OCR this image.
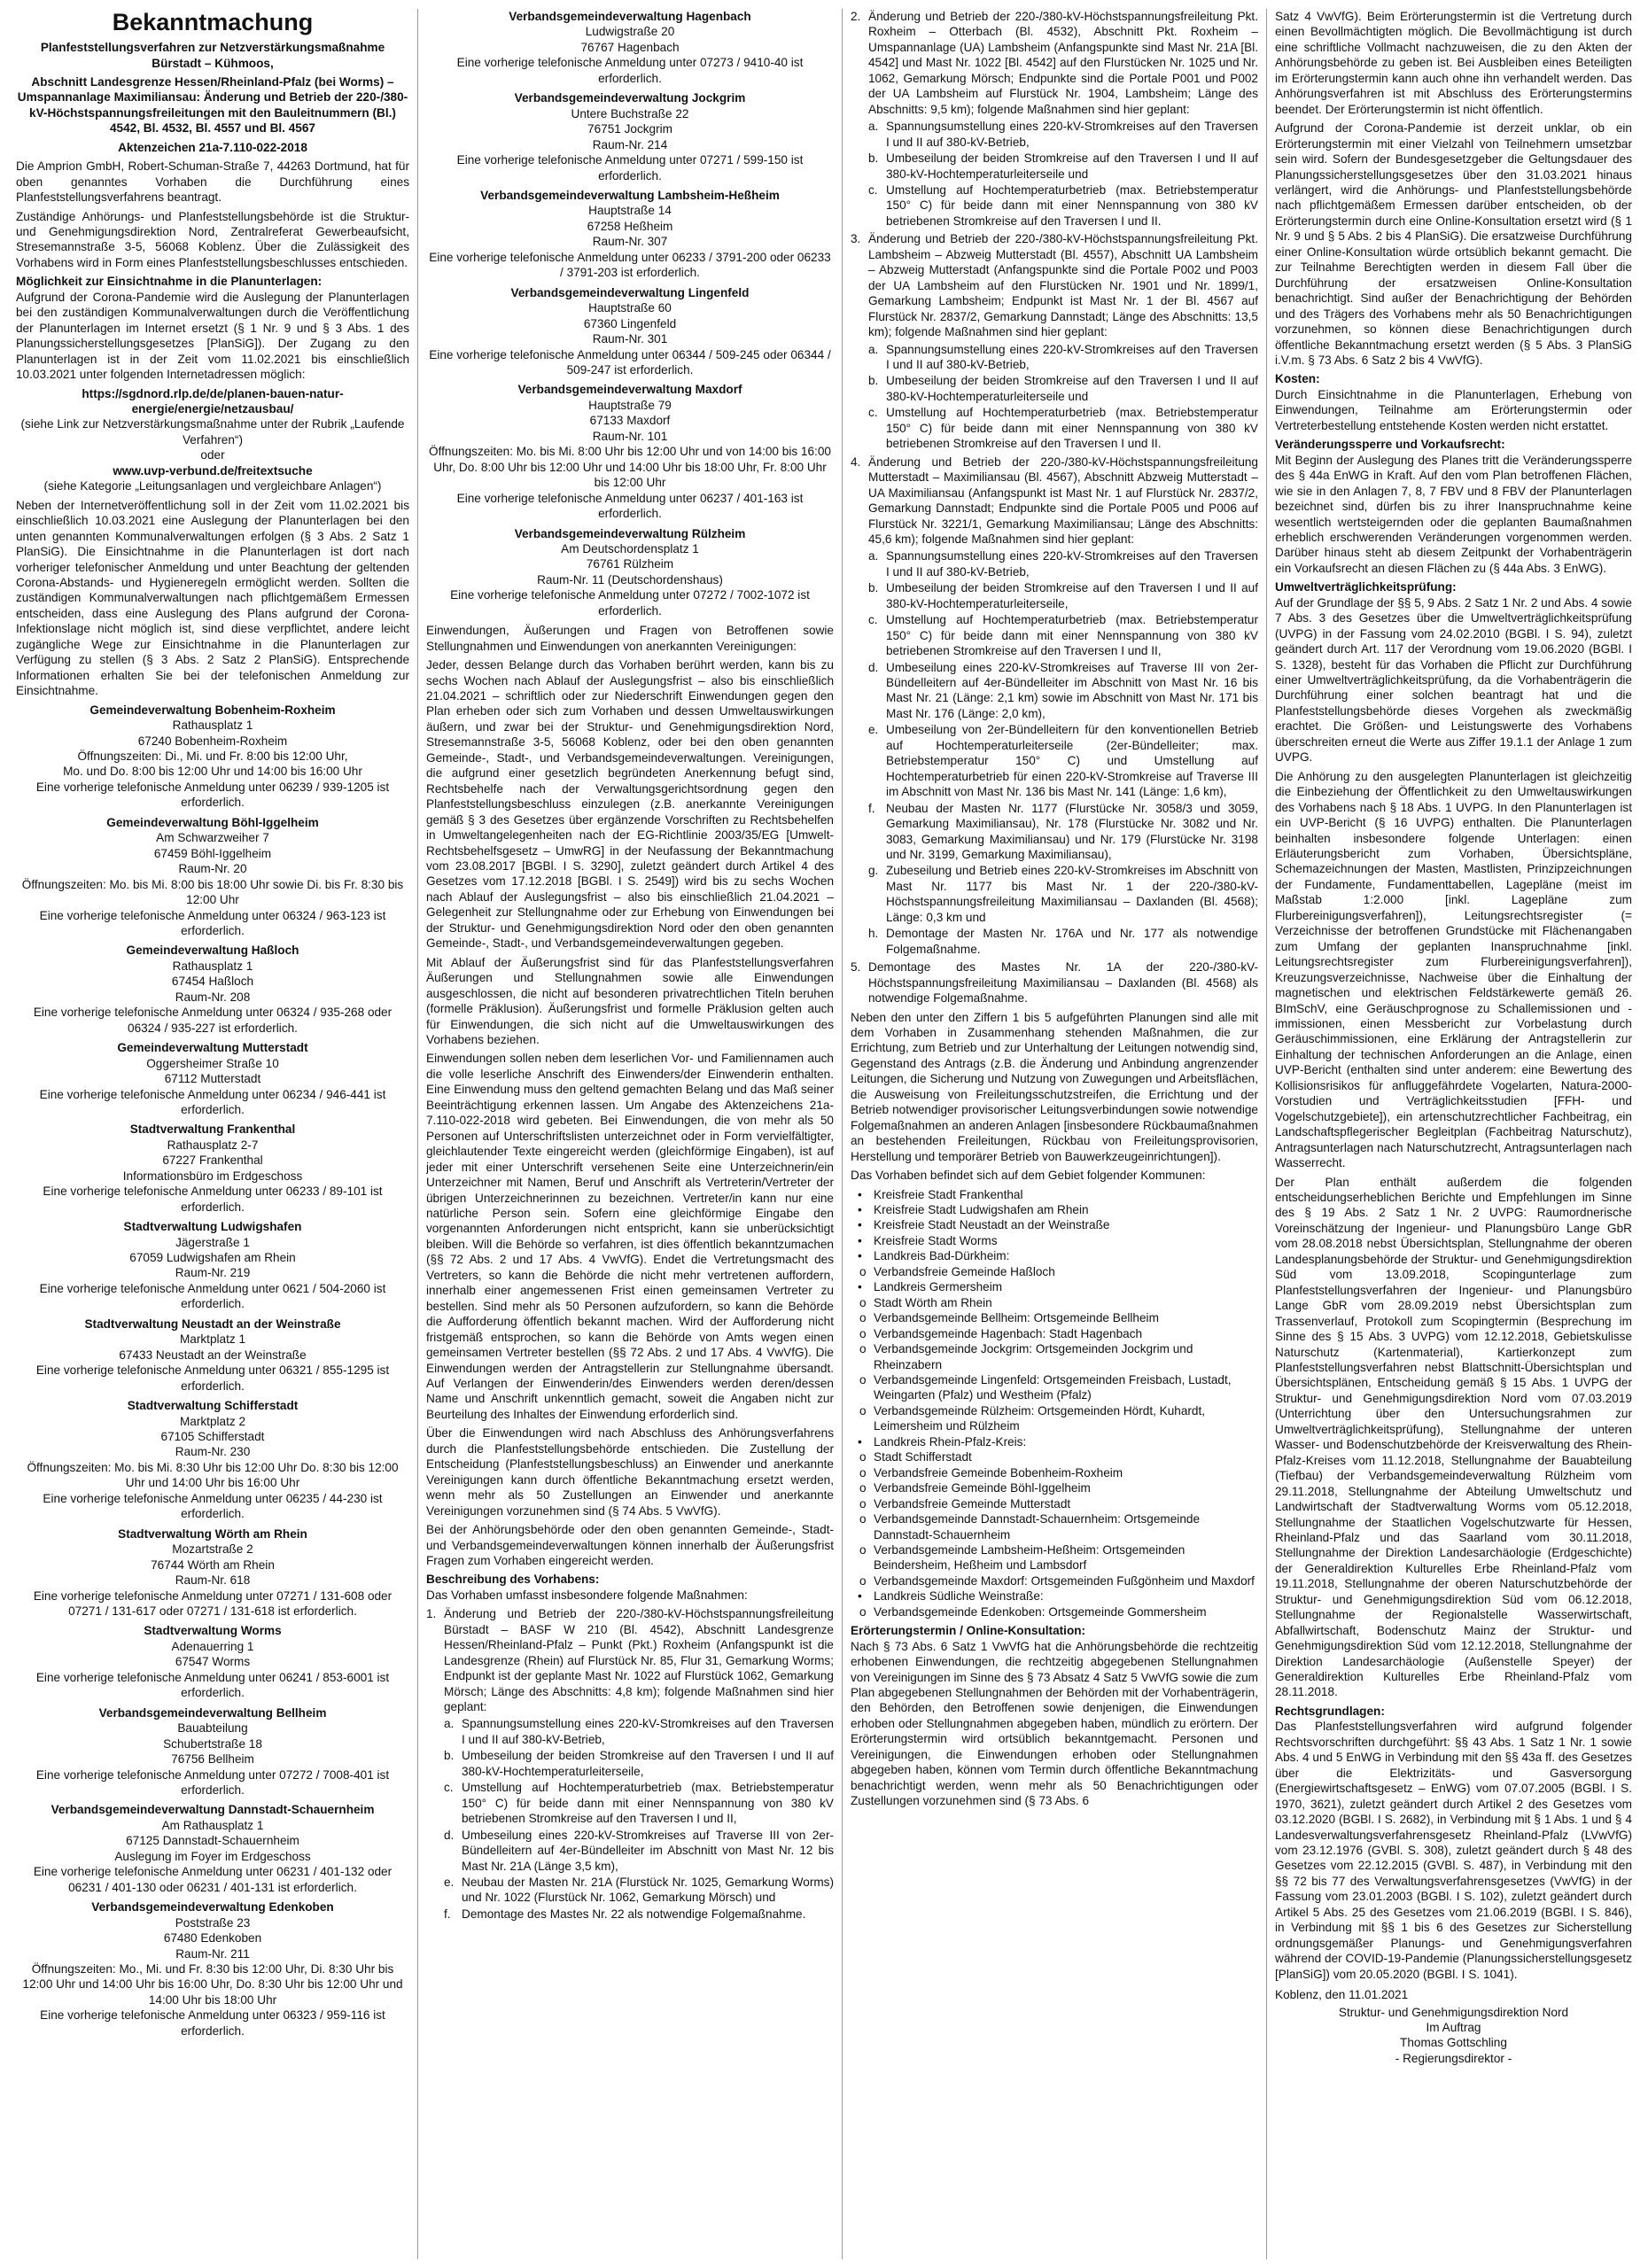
Bekanntmachung

Planfeststellungsverfahren zur Netzverstärkungsmaßnahme Bürstadt – Kühmoos,

Abschnitt Landesgrenze Hessen/Rheinland-Pfalz (bei Worms) – Umspannanlage Maximiliansau: Änderung und Betrieb der 220-/380-kV-Höchstspannungsfreileitungen mit den Bauleitnummern (Bl.) 4542, Bl. 4532, Bl. 4557 und Bl. 4567

Aktenzeichen 21a-7.110-022-2018

Die Amprion GmbH, Robert-Schuman-Straße 7, 44263 Dortmund, hat für oben genanntes Vorhaben die Durchführung eines Planfeststellungsverfahrens beantragt.

Zuständige Anhörungs- und Planfeststellungsbehörde ist die Struktur- und Genehmigungsdirektion Nord, Zentralreferat Gewerbeaufsicht, Stresemannstraße 3-5, 56068 Koblenz. Über die Zulässigkeit des Vorhabens wird in Form eines Planfeststellungsbeschlusses entschieden.

Möglichkeit zur Einsichtnahme in die Planunterlagen:

Aufgrund der Corona-Pandemie wird die Auslegung der Planunterlagen bei den zuständigen Kommunalverwaltungen durch die Veröffentlichung der Planunterlagen im Internet ersetzt (§ 1 Nr. 9 und § 3 Abs. 1 des Planungssicherstellungsgesetzes [PlanSiG]). Der Zugang zu den Planunterlagen ist in der Zeit vom 11.02.2021 bis einschließlich 10.03.2021 unter folgenden Internetadressen möglich:

https://sgdnord.rlp.de/de/planen-bauen-natur-

energie/energie/netzausbau/

(siehe Link zur Netzverstärkungsmaßnahme unter der Rubrik „Laufende Verfahren“)

oder

www.uvp-verbund.de/freitextsuche

(siehe Kategorie „Leitungsanlagen und vergleichbare Anlagen“)

Neben der Internetveröffentlichung soll in der Zeit vom 11.02.2021 bis einschließlich 10.03.2021 eine Auslegung der Planunterlagen bei den unten genannten Kommunalverwaltungen erfolgen (§ 3 Abs. 2 Satz 1 PlanSiG). Die Einsichtnahme in die Planunterlagen ist dort nach vorheriger telefonischer Anmeldung und unter Beachtung der geltenden Corona-Abstands- und Hygieneregeln ermöglicht werden. Sollten die zuständigen Kommunalverwaltungen nach pflichtgemäßem Ermessen entscheiden, dass eine Auslegung des Plans aufgrund der Corona-Infektionslage nicht möglich ist, sind diese verpflichtet, andere leicht zugängliche Wege zur Einsichtnahme in die Planunterlagen zur Verfügung zu stellen (§ 3 Abs. 2 Satz 2 PlanSiG). Entsprechende Informationen erhalten Sie bei der telefonischen Anmeldung zur Einsichtnahme.

Gemeindeverwaltung Bobenheim-Roxheim
Rathausplatz 1
67240 Bobenheim-Roxheim
Öffnungszeiten: Di., Mi. und Fr. 8:00 bis 12:00 Uhr,
Mo. und Do. 8:00 bis 12:00 Uhr und 14:00 bis 16:00 Uhr
Eine vorherige telefonische Anmeldung unter 06239 / 939-1205 ist erforderlich.
Gemeindeverwaltung Böhl-Iggelheim
Am Schwarzweiher 7
67459 Böhl-Iggelheim
Raum-Nr. 20
Öffnungszeiten: Mo. bis Mi. 8:00 bis 18:00 Uhr sowie Di. bis Fr. 8:30 bis 12:00 Uhr
Eine vorherige telefonische Anmeldung unter 06324 / 963-123 ist erforderlich.
Gemeindeverwaltung Haßloch
Rathausplatz 1
67454 Haßloch
Raum-Nr. 208
Eine vorherige telefonische Anmeldung unter 06324 / 935-268 oder 06324 / 935-227 ist erforderlich.
Gemeindeverwaltung Mutterstadt
Oggersheimer Straße 10
67112 Mutterstadt
Eine vorherige telefonische Anmeldung unter 06234 / 946-441 ist erforderlich.
Stadtverwaltung Frankenthal
Rathausplatz 2-7
67227 Frankenthal
Informationsbüro im Erdgeschoss
Eine vorherige telefonische Anmeldung unter 06233 / 89-101 ist erforderlich.
Stadtverwaltung Ludwigshafen
Jägerstraße 1
67059 Ludwigshafen am Rhein
Raum-Nr. 219
Eine vorherige telefonische Anmeldung unter 0621 / 504-2060 ist erforderlich.
Stadtverwaltung Neustadt an der Weinstraße
Marktplatz 1
67433 Neustadt an der Weinstraße
Eine vorherige telefonische Anmeldung unter 06321 / 855-1295 ist erforderlich.
Stadtverwaltung Schifferstadt
Marktplatz 2
67105 Schifferstadt
Raum-Nr. 230
Öffnungszeiten: Mo. bis Mi. 8:30 Uhr bis 12:00 Uhr Do. 8:30 bis 12:00 Uhr und 14:00 Uhr bis 16:00 Uhr
Eine vorherige telefonische Anmeldung unter 06235 / 44-230 ist erforderlich.
Stadtverwaltung Wörth am Rhein
Mozartstraße 2
76744 Wörth am Rhein
Raum-Nr. 618
Eine vorherige telefonische Anmeldung unter 07271 / 131-608 oder 07271 / 131-617 oder 07271 / 131-618 ist erforderlich.
Stadtverwaltung Worms
Adenauerring 1
67547 Worms
Eine vorherige telefonische Anmeldung unter 06241 / 853-6001 ist erforderlich.
Verbandsgemeindeverwaltung Bellheim
Bauabteilung
Schubertstraße 18
76756 Bellheim
Eine vorherige telefonische Anmeldung unter 07272 / 7008-401 ist erforderlich.
Verbandsgemeindeverwaltung Dannstadt-Schauernheim
Am Rathausplatz 1
67125 Dannstadt-Schauernheim
Auslegung im Foyer im Erdgeschoss
Eine vorherige telefonische Anmeldung unter 06231 / 401-132 oder 06231 / 401-130 oder 06231 / 401-131 ist erforderlich.
Verbandsgemeindeverwaltung Edenkoben
Poststraße 23
67480 Edenkoben
Raum-Nr. 211
Öffnungszeiten: Mo., Mi. und Fr. 8:30 bis 12:00 Uhr, Di. 8:30 Uhr bis 12:00 Uhr und 14:00 Uhr bis 16:00 Uhr, Do. 8:30 Uhr bis 12:00 Uhr und 14:00 Uhr bis 18:00 Uhr
Eine vorherige telefonische Anmeldung unter 06323 / 959-116 ist erforderlich.
Verbandsgemeindeverwaltung Hagenbach
Ludwigstraße 20
76767 Hagenbach
Eine vorherige telefonische Anmeldung unter 07273 / 9410-40 ist erforderlich.
Verbandsgemeindeverwaltung Jockgrim
Untere Buchstraße 22
76751 Jockgrim
Raum-Nr. 214
Eine vorherige telefonische Anmeldung unter 07271 / 599-150 ist erforderlich.
Verbandsgemeindeverwaltung Lambsheim-Heßheim
Hauptstraße 14
67258 Heßheim
Raum-Nr. 307
Eine vorherige telefonische Anmeldung unter 06233 / 3791-200 oder 06233 / 3791-203 ist erforderlich.
Verbandsgemeindeverwaltung Lingenfeld
Hauptstraße 60
67360 Lingenfeld
Raum-Nr. 301
Eine vorherige telefonische Anmeldung unter 06344 / 509-245 oder 06344 / 509-247 ist erforderlich.
Verbandsgemeindeverwaltung Maxdorf
Hauptstraße 79
67133 Maxdorf
Raum-Nr. 101
Öffnungszeiten: Mo. bis Mi. 8:00 Uhr bis 12:00 Uhr und von 14:00 bis 16:00 Uhr, Do. 8:00 Uhr bis 12:00 Uhr und 14:00 Uhr bis 18:00 Uhr, Fr. 8:00 Uhr bis 12:00 Uhr
Eine vorherige telefonische Anmeldung unter 06237 / 401-163 ist erforderlich.
Verbandsgemeindeverwaltung Rülzheim
Am Deutschordensplatz 1
76761 Rülzheim
Raum-Nr. 11 (Deutschordenshaus)
Eine vorherige telefonische Anmeldung unter 07272 / 7002-1072 ist erforderlich.

Einwendungen, Äußerungen und Fragen von Betroffenen sowie Stellungnahmen und Einwendungen von anerkannten Vereinigungen:

Jeder, dessen Belange durch das Vorhaben berührt werden, kann bis zu sechs Wochen nach Ablauf der Auslegungsfrist – also bis einschließlich 21.04.2021 – schriftlich oder zur Niederschrift Einwendungen gegen den Plan erheben oder sich zum Vorhaben und dessen Umweltauswirkungen äußern, und zwar bei der Struktur- und Genehmigungsdirektion Nord, Stresemannstraße 3-5, 56068 Koblenz, oder bei den oben genannten Gemeinde-, Stadt-, und Verbandsgemeindeverwaltungen. Vereinigungen, die aufgrund einer gesetzlich begründeten Anerkennung befugt sind, Rechtsbehelfe nach der Verwaltungsgerichtsordnung gegen den Planfeststellungsbeschluss einzulegen (z.B. anerkannte Vereinigungen gemäß § 3 des Gesetzes über ergänzende Vorschriften zu Rechtsbehelfen in Umweltangelegenheiten nach der EG-Richtlinie 2003/35/EG [Umwelt-Rechtsbehelfsgesetz – UmwRG] in der Neufassung der Bekanntmachung vom 23.08.2017 [BGBl. I S. 3290], zuletzt geändert durch Artikel 4 des Gesetzes vom 17.12.2018 [BGBl. I S. 2549]) wird bis zu sechs Wochen nach Ablauf der Auslegungsfrist – also bis einschließlich 21.04.2021 – Gelegenheit zur Stellungnahme oder zur Erhebung von Einwendungen bei der Struktur- und Genehmigungsdirektion Nord oder den oben genannten Gemeinde-, Stadt-, und Verbandsgemeindeverwaltungen gegeben.

Mit Ablauf der Äußerungsfrist sind für das Planfeststellungsverfahren Äußerungen und Stellungnahmen sowie alle Einwendungen ausgeschlossen, die nicht auf besonderen privatrechtlichen Titeln beruhen (formelle Präklusion). Äußerungsfrist und formelle Präklusion gelten auch für Einwendungen, die sich nicht auf die Umweltauswirkungen des Vorhabens beziehen.

Einwendungen sollen neben dem leserlichen Vor- und Familiennamen auch die volle leserliche Anschrift des Einwenders/der Einwenderin enthalten. Eine Einwendung muss den geltend gemachten Belang und das Maß seiner Beeinträchtigung erkennen lassen. Um Angabe des Aktenzeichens 21a-7.110-022-2018 wird gebeten. Bei Einwendungen, die von mehr als 50 Personen auf Unterschriftslisten unterzeichnet oder in Form vervielfältigter, gleichlautender Texte eingereicht werden (gleichförmige Eingaben), ist auf jeder mit einer Unterschrift versehenen Seite eine Unterzeichnerin/ein Unterzeichner mit Namen, Beruf und Anschrift als Vertreterin/Vertreter der übrigen Unterzeichnerinnen zu bezeichnen. Vertreter/in kann nur eine natürliche Person sein. Sofern eine gleichförmige Eingabe den vorgenannten Anforderungen nicht entspricht, kann sie unberücksichtigt bleiben. Will die Behörde so verfahren, ist dies öffentlich bekanntzumachen (§§ 72 Abs. 2 und 17 Abs. 4 VwVfG). Endet die Vertretungsmacht des Vertreters, so kann die Behörde die nicht mehr vertretenen auffordern, innerhalb einer angemessenen Frist einen gemeinsamen Vertreter zu bestellen. Sind mehr als 50 Personen aufzufordern, so kann die Behörde die Aufforderung öffentlich bekannt machen. Wird der Aufforderung nicht fristgemäß entsprochen, so kann die Behörde von Amts wegen einen gemeinsamen Vertreter bestellen (§§ 72 Abs. 2 und 17 Abs. 4 VwVfG). Die Einwendungen werden der Antragstellerin zur Stellungnahme übersandt. Auf Verlangen der Einwenderin/des Einwenders werden deren/dessen Name und Anschrift unkenntlich gemacht, soweit die Angaben nicht zur Beurteilung des Inhaltes der Einwendung erforderlich sind.

Über die Einwendungen wird nach Abschluss des Anhörungsverfahrens durch die Planfeststellungsbehörde entschieden. Die Zustellung der Entscheidung (Planfeststellungsbeschluss) an Einwender und anerkannte Vereinigungen kann durch öffentliche Bekanntmachung ersetzt werden, wenn mehr als 50 Zustellungen an Einwender und anerkannte Vereinigungen vorzunehmen sind (§ 74 Abs. 5 VwVfG).

Bei der Anhörungsbehörde oder den oben genannten Gemeinde-, Stadt- und Verbandsgemeindeverwaltungen können innerhalb der Äußerungsfrist Fragen zum Vorhaben eingereicht werden.

Beschreibung des Vorhabens:

Das Vorhaben umfasst insbesondere folgende Maßnahmen:

1. Änderung und Betrieb der 220-/380-kV-Höchstspannungsfreileitung Bürstadt – BASF W 210 (Bl. 4542), Abschnitt Landesgrenze Hessen/Rheinland-Pfalz – Punkt (Pkt.) Roxheim (Anfangspunkt ist die Landesgrenze (Rhein) auf Flurstück Nr. 85, Flur 31, Gemarkung Worms; Endpunkt ist der geplante Mast Nr. 1022 auf Flurstück 1062, Gemarkung Mörsch; Länge des Abschnitts: 4,8 km); folgende Maßnahmen sind hier geplant:
a. Spannungsumstellung eines 220-kV-Stromkreises auf den Traversen I und II auf 380-kV-Betrieb,
b. Umbeseilung der beiden Stromkreise auf den Traversen I und II auf 380-kV-Hochtemperaturleiterseile,
c. Umstellung auf Hochtemperaturbetrieb (max. Betriebstemperatur 150° C) für beide dann mit einer Nennspannung von 380 kV betriebenen Stromkreise auf den Traversen I und II,
d. Umbeseilung eines 220-kV-Stromkreises auf Traverse III von 2er-Bündelleitern auf 4er-Bündelleiter im Abschnitt von Mast Nr. 12 bis Mast Nr. 21A (Länge 3,5 km),
e. Neubau der Masten Nr. 21A (Flurstück Nr. 1025, Gemarkung Worms) und Nr. 1022 (Flurstück Nr. 1062, Gemarkung Mörsch) und
f. Demontage des Mastes Nr. 22 als notwendige Folgemaßnahme.
2. Änderung und Betrieb der 220-/380-kV-Höchstspannungsfreileitung Pkt. Roxheim – Otterbach (Bl. 4532), Abschnitt Pkt. Roxheim – Umspannanlage (UA) Lambsheim (Anfangspunkte sind Mast Nr. 21A [Bl. 4542] und Mast Nr. 1022 [Bl. 4542] auf den Flurstücken Nr. 1025 und Nr. 1062, Gemarkung Mörsch; Endpunkte sind die Portale P001 und P002 der UA Lambsheim auf Flurstück Nr. 1904, Lambsheim; Länge des Abschnitts: 9,5 km); folgende Maßnahmen sind hier geplant:
a. Spannungsumstellung eines 220-kV-Stromkreises auf den Traversen I und II auf 380-kV-Betrieb,
b. Umbeseilung der beiden Stromkreise auf den Traversen I und II auf 380-kV-Hochtemperaturleiterseile und
c. Umstellung auf Hochtemperaturbetrieb (max. Betriebstemperatur 150° C) für beide dann mit einer Nennspannung von 380 kV betriebenen Stromkreise auf den Traversen I und II.
3. Änderung und Betrieb der 220-/380-kV-Höchstspannungsfreileitung Pkt. Lambsheim – Abzweig Mutterstadt (Bl. 4557), Abschnitt UA Lambsheim – Abzweig Mutterstadt (Anfangspunkte sind die Portale P002 und P003 der UA Lambsheim auf den Flurstücken Nr. 1901 und Nr. 1899/1, Gemarkung Lambsheim; Endpunkt ist Mast Nr. 1 der Bl. 4567 auf Flurstück Nr. 2837/2, Gemarkung Dannstadt; Länge des Abschnitts: 13,5 km); folgende Maßnahmen sind hier geplant:
a. Spannungsumstellung eines 220-kV-Stromkreises auf den Traversen I und II auf 380-kV-Betrieb,
b. Umbeseilung der beiden Stromkreise auf den Traversen I und II auf 380-kV-Hochtemperaturleiterseile und
c. Umstellung auf Hochtemperaturbetrieb (max. Betriebstemperatur 150° C) für beide dann mit einer Nennspannung von 380 kV betriebenen Stromkreise auf den Traversen I und II.
4. Änderung und Betrieb der 220-/380-kV-Höchstspannungsfreileitung Mutterstadt – Maximiliansau (Bl. 4567), Abschnitt Abzweig Mutterstadt – UA Maximiliansau (Anfangspunkt ist Mast Nr. 1 auf Flurstück Nr. 2837/2, Gemarkung Dannstadt; Endpunkte sind die Portale P005 und P006 auf Flurstück Nr. 3221/1, Gemarkung Maximiliansau; Länge des Abschnitts: 45,6 km); folgende Maßnahmen sind hier geplant:
a. Spannungsumstellung eines 220-kV-Stromkreises auf den Traversen I und II auf 380-kV-Betrieb,
b. Umbeseilung der beiden Stromkreise auf den Traversen I und II auf 380-kV-Hochtemperaturleiterseile,
c. Umstellung auf Hochtemperaturbetrieb (max. Betriebstemperatur 150° C) für beide dann mit einer Nennspannung von 380 kV betriebenen Stromkreise auf den Traversen I und II,
d. Umbeseilung eines 220-kV-Stromkreises auf Traverse III von 2er-Bündelleitern auf 4er-Bündelleiter im Abschnitt von Mast Nr. 16 bis Mast Nr. 21 (Länge: 2,1 km) sowie im Abschnitt von Mast Nr. 171 bis Mast Nr. 176 (Länge: 2,0 km),
e. Umbeseilung von 2er-Bündelleitern für den konventionellen Betrieb auf Hochtemperaturleiterseile (2er-Bündelleiter; max. Betriebstemperatur 150° C) und Umstellung auf Hochtemperaturbetrieb für einen 220-kV-Stromkreise auf Traverse III im Abschnitt von Mast Nr. 136 bis Mast Nr. 141 (Länge: 1,6 km),
f. Neubau der Masten Nr. 1177 (Flurstücke Nr. 3058/3 und 3059, Gemarkung Maximiliansau), Nr. 178 (Flurstücke Nr. 3082 und Nr. 3083, Gemarkung Maximiliansau) und Nr. 179 (Flurstücke Nr. 3198 und Nr. 3199, Gemarkung Maximiliansau),
g. Zubeseilung und Betrieb eines 220-kV-Stromkreises im Abschnitt von Mast Nr. 1177 bis Mast Nr. 1 der 220-/380-kV-Höchstspannungsfreileitung Maximiliansau – Daxlanden (Bl. 4568); Länge: 0,3 km und
h. Demontage der Masten Nr. 176A und Nr. 177 als notwendige Folgemaßnahme.
5. Demontage des Mastes Nr. 1A der 220-/380-kV-Höchstspannungsfreileitung Maximiliansau – Daxlanden (Bl. 4568) als notwendige Folgemaßnahme.

Neben den unter den Ziffern 1 bis 5 aufgeführten Planungen sind alle mit dem Vorhaben in Zusammenhang stehenden Maßnahmen, die zur Errichtung, zum Betrieb und zur Unterhaltung der Leitungen notwendig sind, Gegenstand des Antrags (z.B. die Änderung und Anbindung angrenzender Leitungen, die Sicherung und Nutzung von Zuwegungen und Arbeitsflächen, die Ausweisung von Freileitungsschutzstreifen, die Errichtung und der Betrieb notwendiger provisorischer Leitungsverbindungen sowie notwendige Folgemaßnahmen an anderen Anlagen [insbesondere Rückbaumaßnahmen an bestehenden Freileitungen, Rückbau von Freileitungsprovisorien, Herstellung und temporärer Betrieb von Bauwerkzeugeinrichtungen]).

Das Vorhaben befindet sich auf dem Gebiet folgender Kommunen:

• Kreisfreie Stadt Frankenthal
• Kreisfreie Stadt Ludwigshafen am Rhein
• Kreisfreie Stadt Neustadt an der Weinstraße
• Kreisfreie Stadt Worms
• Landkreis Bad-Dürkheim:
o Verbandsfreie Gemeinde Haßloch
• Landkreis Germersheim
o Stadt Wörth am Rhein
o Verbandsgemeinde Bellheim: Ortsgemeinde Bellheim
o Verbandsgemeinde Hagenbach: Stadt Hagenbach
o Verbandsgemeinde Jockgrim: Ortsgemeinden Jockgrim und Rheinzabern
o Verbandsgemeinde Lingenfeld: Ortsgemeinden Freisbach, Lustadt, Weingarten (Pfalz) und Westheim (Pfalz)
o Verbandsgemeinde Rülzheim: Ortsgemeinden Hördt, Kuhardt, Leimersheim und Rülzheim
• Landkreis Rhein-Pfalz-Kreis:
o Stadt Schifferstadt
o Verbandsfreie Gemeinde Bobenheim-Roxheim
o Verbandsfreie Gemeinde Böhl-Iggelheim
o Verbandsfreie Gemeinde Mutterstadt
o Verbandsgemeinde Dannstadt-Schauernheim: Ortsgemeinde Dannstadt-Schauernheim
o Verbandsgemeinde Lambsheim-Heßheim: Ortsgemeinden Beindersheim, Heßheim und Lambsdorf
o Verbandsgemeinde Maxdorf: Ortsgemeinden Fußgönheim und Maxdorf
• Landkreis Südliche Weinstraße:
o Verbandsgemeinde Edenkoben: Ortsgemeinde Gommersheim

Erörterungstermin / Online-Konsultation:

Nach § 73 Abs. 6 Satz 1 VwVfG hat die Anhörungsbehörde die rechtzeitig erhobenen Einwendungen, die rechtzeitig abgegebenen Stellungnahmen von Vereinigungen im Sinne des § 73 Absatz 4 Satz 5 VwVfG sowie die zum Plan abgegebenen Stellungnahmen der Behörden mit der Vorhabenträgerin, den Behörden, den Betroffenen sowie denjenigen, die Einwendungen erhoben oder Stellungnahmen abgegeben haben, mündlich zu erörtern. Der Erörterungstermin wird ortsüblich bekanntgemacht. Personen und Vereinigungen, die Einwendungen erhoben oder Stellungnahmen abgegeben haben, können vom Termin durch öffentliche Bekanntmachung benachrichtigt werden, wenn mehr als 50 Benachrichtigungen oder Zustellungen vorzunehmen sind (§ 73 Abs. 6

Satz 4 VwVfG). Beim Erörterungstermin ist die Vertretung durch einen Bevollmächtigten möglich. Die Bevollmächtigung ist durch eine schriftliche Vollmacht nachzuweisen, die zu den Akten der Anhörungsbehörde zu geben ist. Bei Ausbleiben eines Beteiligten im Erörterungstermin kann auch ohne ihn verhandelt werden. Das Anhörungsverfahren ist mit Abschluss des Erörterungstermins beendet. Der Erörterungstermin ist nicht öffentlich.

Aufgrund der Corona-Pandemie ist derzeit unklar, ob ein Erörterungstermin mit einer Vielzahl von Teilnehmern umsetzbar sein wird. Sofern der Bundesgesetzgeber die Geltungsdauer des Planungssicherstellungsgesetzes über den 31.03.2021 hinaus verlängert, wird die Anhörungs- und Planfeststellungsbehörde nach pflichtgemäßem Ermessen darüber entscheiden, ob der Erörterungstermin durch eine Online-Konsultation ersetzt wird (§ 1 Nr. 9 und § 5 Abs. 2 bis 4 PlanSiG). Die ersatzweise Durchführung einer Online-Konsultation würde ortsüblich bekannt gemacht. Die zur Teilnahme Berechtigten werden in diesem Fall über die Durchführung der ersatzweisen Online-Konsultation benachrichtigt. Sind außer der Benachrichtigung der Behörden und des Trägers des Vorhabens mehr als 50 Benachrichtigungen vorzunehmen, so können diese Benachrichtigungen durch öffentliche Bekanntmachung ersetzt werden (§ 5 Abs. 3 PlanSiG i.V.m. § 73 Abs. 6 Satz 2 bis 4 VwVfG).

Kosten:

Durch Einsichtnahme in die Planunterlagen, Erhebung von Einwendungen, Teilnahme am Erörterungstermin oder Vertreterbestellung entstehende Kosten werden nicht erstattet.

Veränderungssperre und Vorkaufsrecht:

Mit Beginn der Auslegung des Planes tritt die Veränderungssperre des § 44a EnWG in Kraft. Auf den vom Plan betroffenen Flächen, wie sie in den Anlagen 7, 8, 7 FBV und 8 FBV der Planunterlagen bezeichnet sind, dürfen bis zu ihrer Inanspruchnahme keine wesentlich wertsteigernden oder die geplanten Baumaßnahmen erheblich erschwerenden Veränderungen vorgenommen werden. Darüber hinaus steht ab diesem Zeitpunkt der Vorhabenträgerin ein Vorkaufsrecht an diesen Flächen zu (§ 44a Abs. 3 EnWG).

Umweltverträglichkeitsprüfung:

Auf der Grundlage der §§ 5, 9 Abs. 2 Satz 1 Nr. 2 und Abs. 4 sowie 7 Abs. 3 des Gesetzes über die Umweltverträglichkeitsprüfung (UVPG) in der Fassung vom 24.02.2010 (BGBl. I S. 94), zuletzt geändert durch Art. 117 der Verordnung vom 19.06.2020 (BGBl. I S. 1328), besteht für das Vorhaben die Pflicht zur Durchführung einer Umweltverträglichkeitsprüfung, da die Vorhabenträgerin die Durchführung einer solchen beantragt hat und die Planfeststellungsbehörde dieses Vorgehen als zweckmäßig erachtet. Die Größen- und Leistungswerte des Vorhabens überschreiten erneut die Werte aus Ziffer 19.1.1 der Anlage 1 zum UVPG.

Die Anhörung zu den ausgelegten Planunterlagen ist gleichzeitig die Einbeziehung der Öffentlichkeit zu den Umweltauswirkungen des Vorhabens nach § 18 Abs. 1 UVPG. In den Planunterlagen ist ein UVP-Bericht (§ 16 UVPG) enthalten. Die Planunterlagen beinhalten insbesondere folgende Unterlagen: einen Erläuterungsbericht zum Vorhaben, Übersichtspläne, Schemazeichnungen der Masten, Mastlisten, Prinzipzeichnungen der Fundamente, Fundamenttabellen, Lagepläne (meist im Maßstab 1:2.000 [inkl. Lagepläne zum Flurbereinigungsverfahren]), Leitungsrechtsregister (= Verzeichnisse der betroffenen Grundstücke mit Flächenangaben zum Umfang der geplanten Inanspruchnahme [inkl. Leitungsrechtsregister zum Flurbereinigungsverfahren]), Kreuzungsverzeichnisse, Nachweise über die Einhaltung der magnetischen und elektrischen Feldstärkewerte gemäß 26. BImSchV, eine Geräuschprognose zu Schallemissionen und -immissionen, einen Messbericht zur Vorbelastung durch Geräuschimmissionen, eine Erklärung der Antragstellerin zur Einhaltung der technischen Anforderungen an die Anlage, einen UVP-Bericht (enthalten sind unter anderem: eine Bewertung des Kollisionsrisikos für anfluggefährdete Vogelarten, Natura-2000-Vorstudien und Verträglichkeitsstudien [FFH- und Vogelschutzgebiete]), ein artenschutzrechtlicher Fachbeitrag, ein Landschaftspflegerischer Begleitplan (Fachbeitrag Naturschutz), Antragsunterlagen nach Naturschutzrecht, Antragsunterlagen nach Wasserrecht.

Der Plan enthält außerdem die folgenden entscheidungserheblichen Berichte und Empfehlungen im Sinne des § 19 Abs. 2 Satz 1 Nr. 2 UVPG: Raumordnerische Voreinschätzung der Ingenieur- und Planungsbüro Lange GbR vom 28.08.2018 nebst Übersichtsplan, Stellungnahme der oberen Landesplanungsbehörde der Struktur- und Genehmigungsdirektion Süd vom 13.09.2018, Scopingunterlage zum Planfeststellungsverfahren der Ingenieur- und Planungsbüro Lange GbR vom 28.09.2019 nebst Übersichtsplan zum Trassenverlauf, Protokoll zum Scopingtermin (Besprechung im Sinne des § 15 Abs. 3 UVPG) vom 12.12.2018, Gebietskulisse Naturschutz (Kartenmaterial), Kartierkonzept zum Planfeststellungsverfahren nebst Blattschnitt-Übersichtsplan und Übersichtsplänen, Entscheidung gemäß § 15 Abs. 1 UVPG der Struktur- und Genehmigungsdirektion Nord vom 07.03.2019 (Unterrichtung über den Untersuchungsrahmen zur Umweltverträglichkeitsprüfung), Stellungnahme der unteren Wasser- und Bodenschutzbehörde der Kreisverwaltung des Rhein-Pfalz-Kreises vom 11.12.2018, Stellungnahme der Bauabteilung (Tiefbau) der Verbandsgemeindeverwaltung Rülzheim vom 29.11.2018, Stellungnahme der Abteilung Umweltschutz und Landwirtschaft der Stadtverwaltung Worms vom 05.12.2018, Stellungnahme der Staatlichen Vogelschutzwarte für Hessen, Rheinland-Pfalz und das Saarland vom 30.11.2018, Stellungnahme der Direktion Landesarchäologie (Erdgeschichte) der Generaldirektion Kulturelles Erbe Rheinland-Pfalz vom 19.11.2018, Stellungnahme der oberen Naturschutzbehörde der Struktur- und Genehmigungsdirektion Süd vom 06.12.2018, Stellungnahme der Regionalstelle Wasserwirtschaft, Abfallwirtschaft, Bodenschutz Mainz der Struktur- und Genehmigungsdirektion Süd vom 12.12.2018, Stellungnahme der Direktion Landesarchäologie (Außenstelle Speyer) der Generaldirektion Kulturelles Erbe Rheinland-Pfalz vom 28.11.2018.

Rechtsgrundlagen:

Das Planfeststellungsverfahren wird aufgrund folgender Rechtsvorschriften durchgeführt: §§ 43 Abs. 1 Satz 1 Nr. 1 sowie Abs. 4 und 5 EnWG in Verbindung mit den §§ 43a ff. des Gesetzes über die Elektrizitäts- und Gasversorgung (Energiewirtschaftsgesetz – EnWG) vom 07.07.2005 (BGBl. I S. 1970, 3621), zuletzt geändert durch Artikel 2 des Gesetzes vom 03.12.2020 (BGBl. I S. 2682), in Verbindung mit § 1 Abs. 1 und § 4 Landesverwaltungsverfahrensgesetz Rheinland-Pfalz (LVwVfG) vom 23.12.1976 (GVBl. S. 308), zuletzt geändert durch § 48 des Gesetzes vom 22.12.2015 (GVBl. S. 487), in Verbindung mit den §§ 72 bis 77 des Verwaltungsverfahrensgesetzes (VwVfG) in der Fassung vom 23.01.2003 (BGBl. I S. 102), zuletzt geändert durch Artikel 5 Abs. 25 des Gesetzes vom 21.06.2019 (BGBl. I S. 846), in Verbindung mit §§ 1 bis 6 des Gesetzes zur Sicherstellung ordnungsgemäßer Planungs- und Genehmigungsverfahren während der COVID-19-Pandemie (Planungssicherstellungsgesetz [PlanSiG]) vom 20.05.2020 (BGBl. I S. 1041).

Koblenz, den 11.01.2021

Struktur- und Genehmigungsdirektion Nord

Im Auftrag

Thomas Gottschling

- Regierungsdirektor -
